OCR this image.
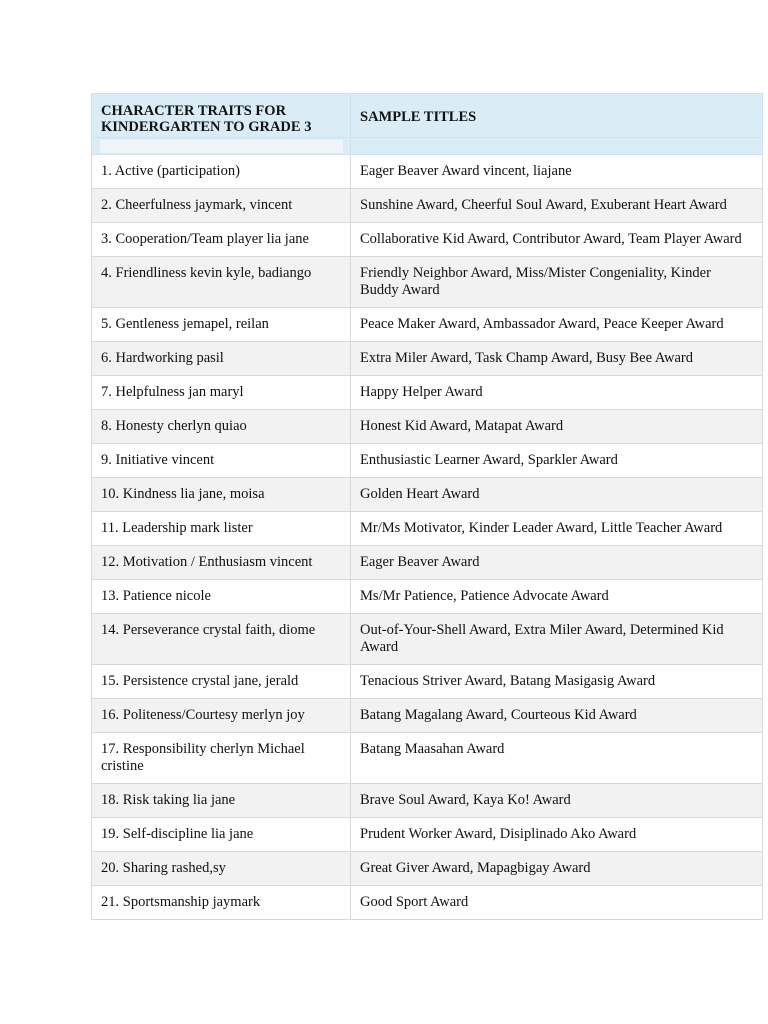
CHARACTER TRAITS FOR KINDERGARTEN TO GRADE 3	SAMPLE TITLES

1. Active (participation)	Eager Beaver Award vincent, liajane
2. Cheerfulness jaymark, vincent	Sunshine Award, Cheerful Soul Award, Exuberant Heart Award
3. Cooperation/Team player lia jane	Collaborative Kid Award, Contributor Award, Team Player Award
4. Friendliness kevin kyle, badiango	Friendly Neighbor Award, Miss/Mister Congeniality, Kinder Buddy Award
5. Gentleness jemapel, reilan	Peace Maker Award, Ambassador Award, Peace Keeper Award
6. Hardworking pasil	Extra Miler Award, Task Champ Award, Busy Bee Award
7. Helpfulness jan maryl	Happy Helper Award
8. Honesty cherlyn quiao	Honest Kid Award, Matapat Award
9. Initiative vincent	Enthusiastic Learner Award, Sparkler Award
10. Kindness lia jane, moisa	Golden Heart Award
11. Leadership mark lister	Mr/Ms Motivator, Kinder Leader Award, Little Teacher Award
12. Motivation / Enthusiasm vincent	Eager Beaver Award
13. Patience nicole	Ms/Mr Patience, Patience Advocate Award
14. Perseverance crystal faith, diome	Out-of-Your-Shell Award, Extra Miler Award, Determined Kid Award
15. Persistence crystal jane, jerald	Tenacious Striver Award, Batang Masigasig Award
16. Politeness/Courtesy merlyn joy	Batang Magalang Award, Courteous Kid Award
17. Responsibility cherlyn Michael cristine	Batang Maasahan Award
18. Risk taking lia jane	Brave Soul Award, Kaya Ko! Award
19. Self-discipline lia jane	Prudent Worker Award, Disiplinado Ako Award
20. Sharing rashed,sy	Great Giver Award, Mapagbigay Award
21. Sportsmanship jaymark	Good Sport Award
